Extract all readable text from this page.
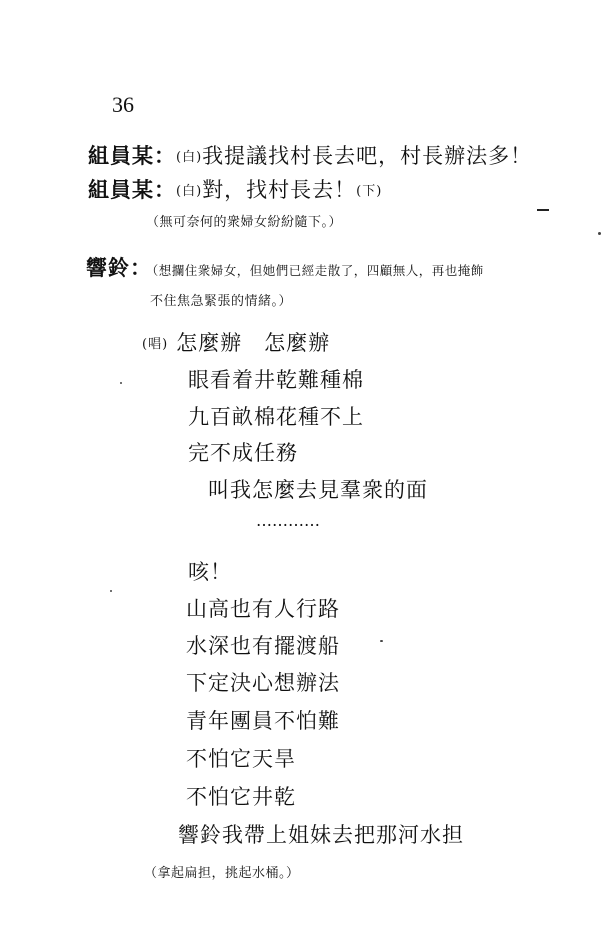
36
組員某：(白)我提議找村長去吧，村長辦法多！
組員某：(白)對，找村長去！(下)
（無可奈何的衆婦女紛紛隨下。）
響鈴：（想攔住衆婦女，但她們已經走散了，四顧無人，再也掩飾
不住焦急緊張的情緒。）
(唱) 怎麼辦　怎麼辦
眼看着井乾難種棉
九百畝棉花種不上
完不成任務
叫我怎麼去見羣衆的面
…………
咳！
山高也有人行路
水深也有擺渡船
下定決心想辦法
青年團員不怕難
不怕它天旱
不怕它井乾
響鈴我帶上姐妹去把那河水担
（拿起扁担，挑起水桶。）
